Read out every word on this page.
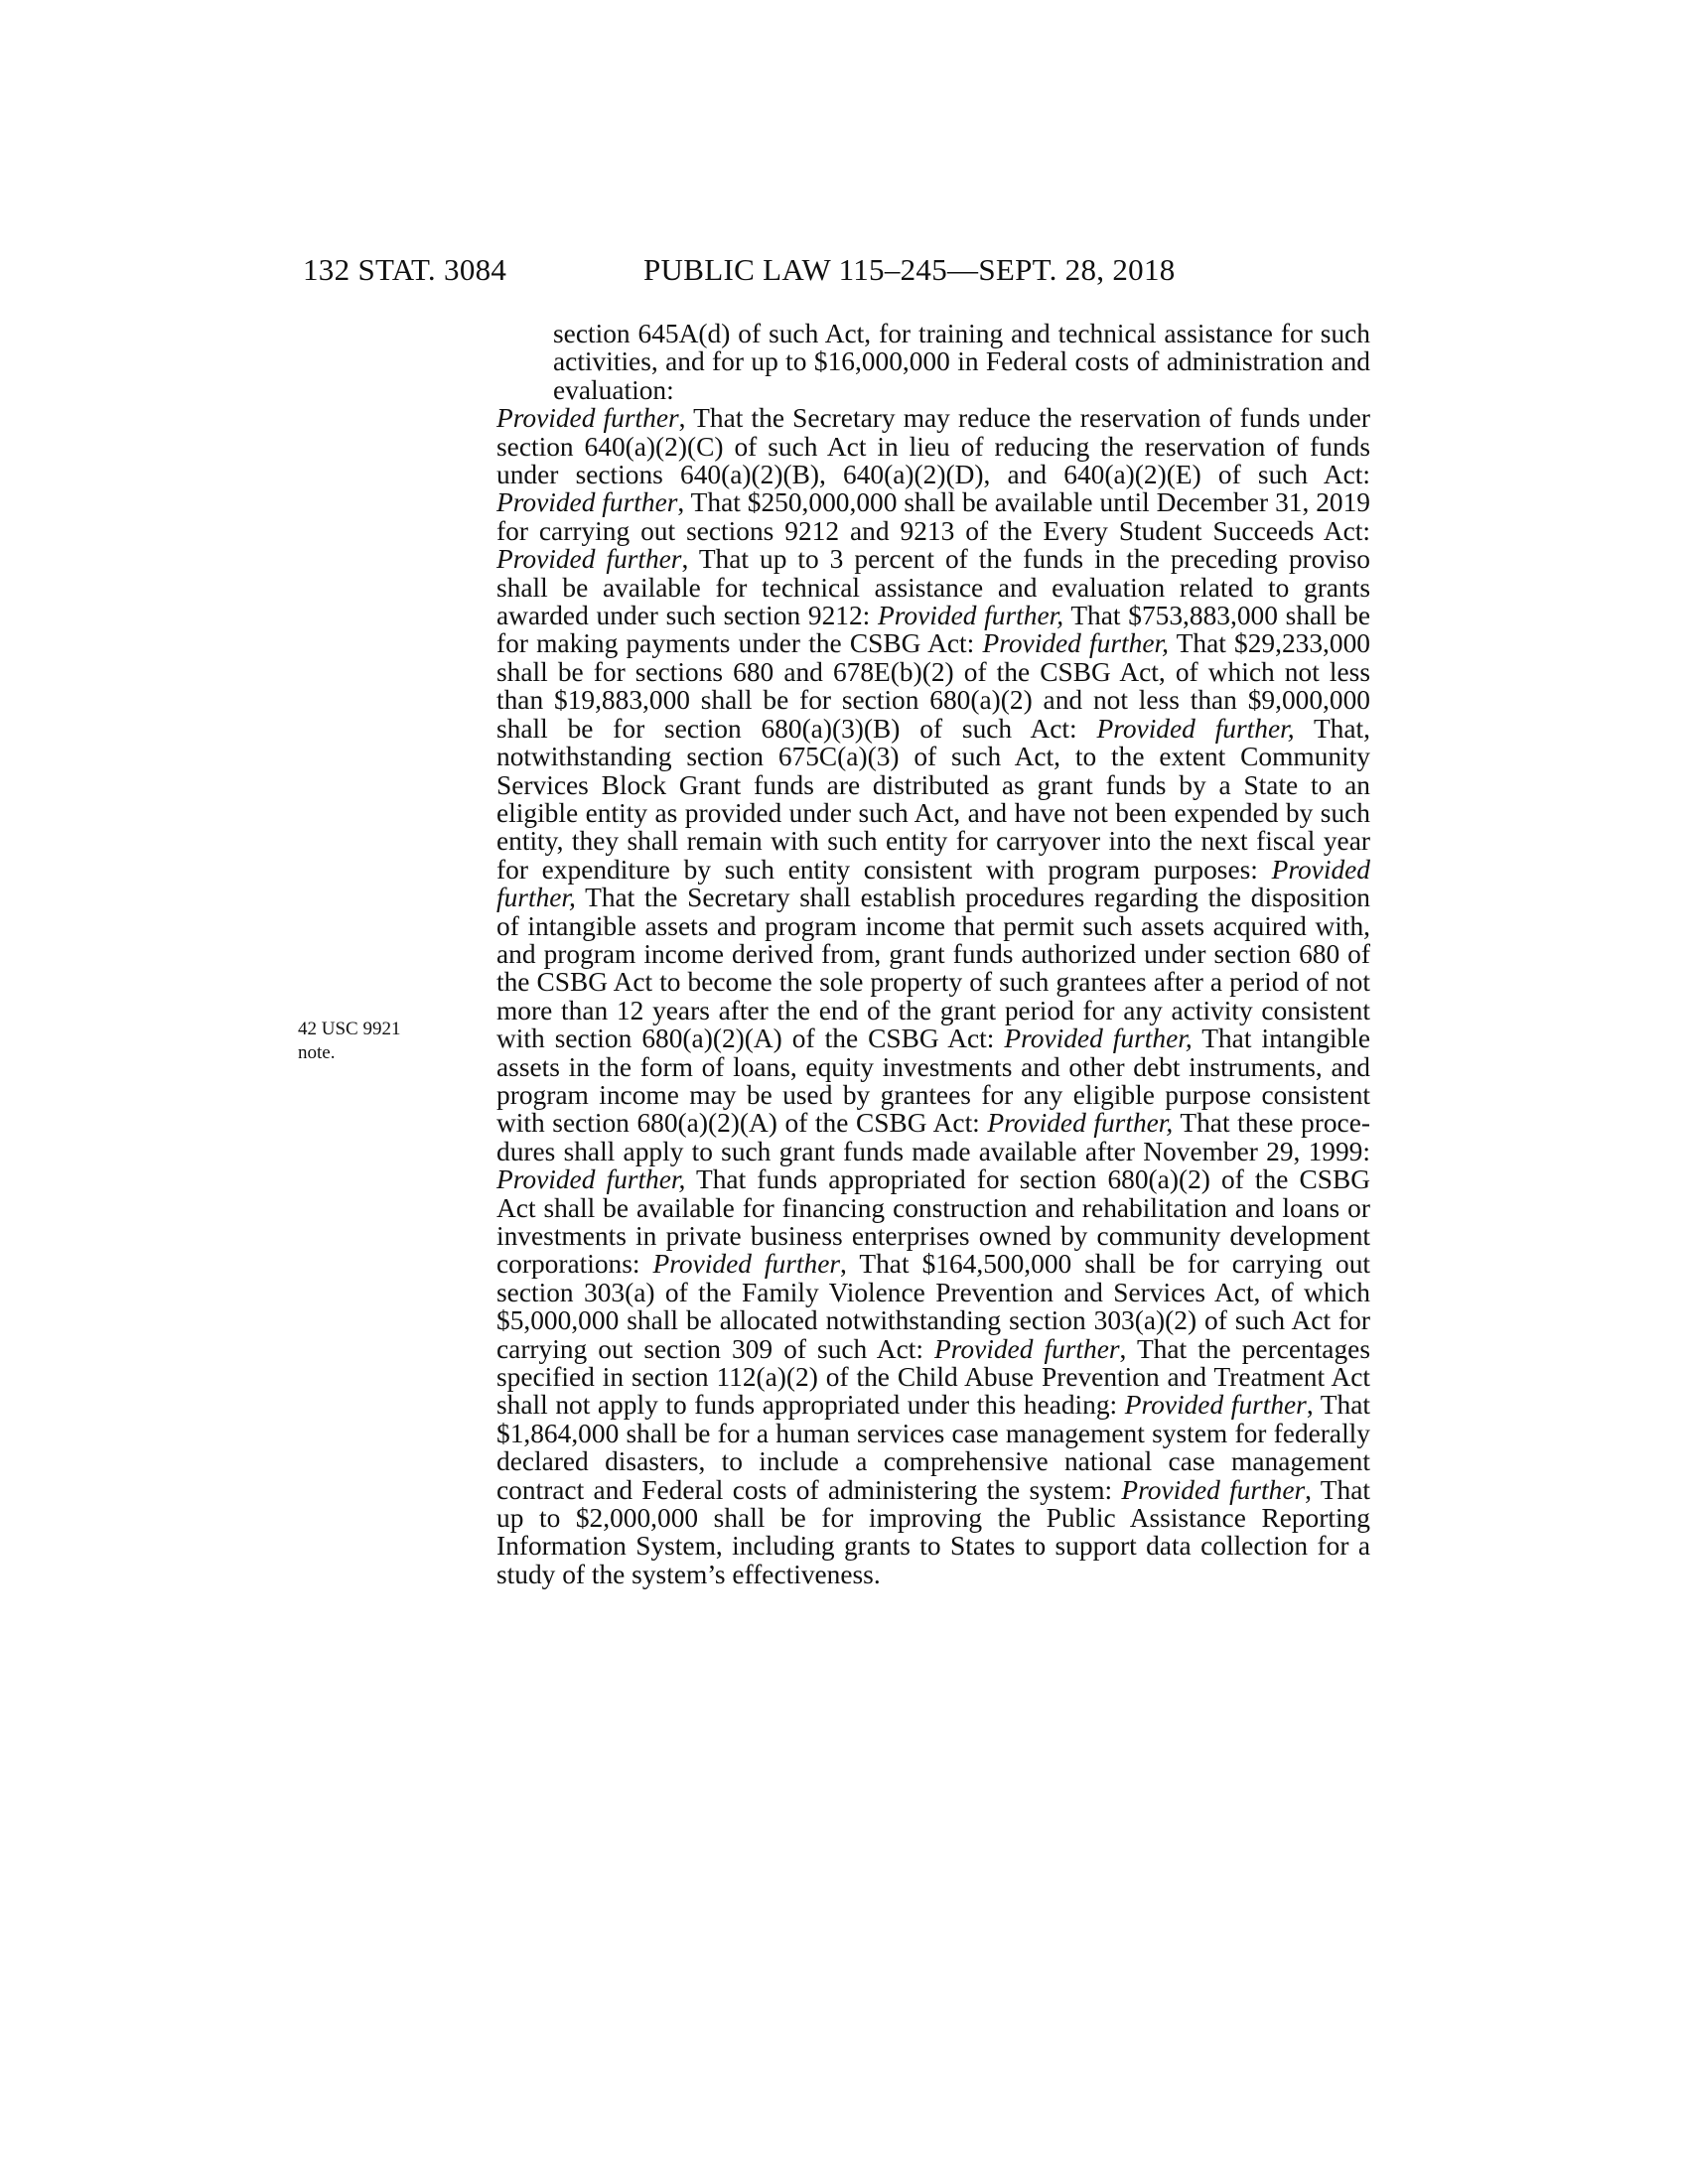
132 STAT. 3084	PUBLIC LAW 115–245—SEPT. 28, 2018
42 USC 9921
note.

section 645A(d) of such Act, for training and technical assistance for such activities, and for up to $16,000,000 in Federal costs of administration and evaluation:

Provided further, That the Secretary may reduce the reservation of funds under section 640(a)(2)(C) of such Act in lieu of reducing the reservation of funds under sections 640(a)(2)(B), 640(a)(2)(D), and 640(a)(2)(E) of such Act: Provided further, That $250,000,000 shall be available until December 31, 2019 for carrying out sections 9212 and 9213 of the Every Student Succeeds Act: Provided further, That up to 3 percent of the funds in the preceding proviso shall be available for technical assistance and evaluation related to grants awarded under such section 9212: Provided further, That $753,883,000 shall be for making payments under the CSBG Act: Provided further, That $29,233,000 shall be for sections 680 and 678E(b)(2) of the CSBG Act, of which not less than $19,883,000 shall be for section 680(a)(2) and not less than $9,000,000 shall be for section 680(a)(3)(B) of such Act: Provided further, That, notwithstanding section 675C(a)(3) of such Act, to the extent Community Services Block Grant funds are distributed as grant funds by a State to an eligible entity as provided under such Act, and have not been expended by such entity, they shall remain with such entity for carryover into the next fiscal year for expenditure by such entity consistent with program purposes: Provided further, That the Secretary shall establish procedures regarding the disposition of intangible assets and program income that permit such assets acquired with, and program income derived from, grant funds authorized under section 680 of the CSBG Act to become the sole property of such grantees after a period of not more than 12 years after the end of the grant period for any activity consistent with section 680(a)(2)(A) of the CSBG Act: Provided further, That intangible assets in the form of loans, equity investments and other debt instruments, and program income may be used by grantees for any eligible purpose consistent with section 680(a)(2)(A) of the CSBG Act: Provided further, That these procedures shall apply to such grant funds made available after November 29, 1999: Provided further, That funds appropriated for section 680(a)(2) of the CSBG Act shall be available for financing construction and rehabilitation and loans or investments in private business enterprises owned by community development corporations: Provided further, That $164,500,000 shall be for carrying out section 303(a) of the Family Violence Prevention and Services Act, of which $5,000,000 shall be allocated notwithstanding section 303(a)(2) of such Act for carrying out section 309 of such Act: Provided further, That the percentages specified in section 112(a)(2) of the Child Abuse Prevention and Treatment Act shall not apply to funds appropriated under this heading: Provided further, That $1,864,000 shall be for a human services case management system for federally declared disasters, to include a comprehensive national case management contract and Federal costs of administering the system: Provided further, That up to $2,000,000 shall be for improving the Public Assistance Reporting Information System, including grants to States to support data collection for a study of the system’s effectiveness.
